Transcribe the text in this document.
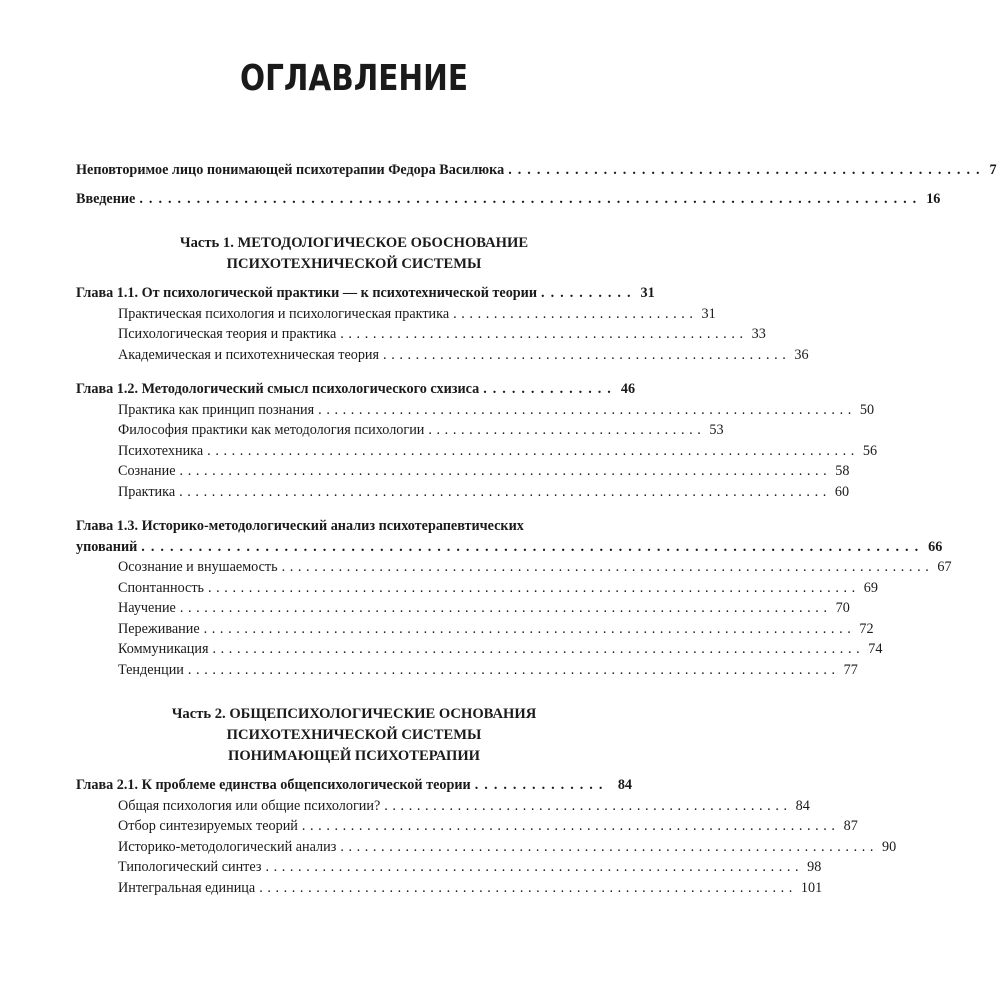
ОГЛАВЛЕНИЕ
Неповторимое лицо понимающей психотерапии Федора Василюка .................................................. 7
Введение .................................................................................. 16
Часть 1. МЕТОДОЛОГИЧЕСКОЕ ОБОСНОВАНИЕ
ПСИХОТЕХНИЧЕСКОЙ СИСТЕМЫ
Глава 1.1. От психологической практики — к психотехнической теории .......... 31
Практическая психология и психологическая практика .............................. 31
Психологическая теория и практика .................................................. 33
Академическая и психотехническая теория .................................................. 36
Глава 1.2. Методологический смысл психологического схизиса .............. 46
Практика как принцип познания .................................................................. 50
Философия практики как методология психологии .................................. 53
Психотехника ................................................................................ 56
Сознание ................................................................................ 58
Практика ................................................................................ 60
Глава 1.3. Историко-методологический анализ психотерапевтических
упований .................................................................................. 66
Осознание и внушаемость ................................................................................ 67
Спонтанность ................................................................................ 69
Научение ................................................................................ 70
Переживание ................................................................................ 72
Коммуникация ................................................................................ 74
Тенденции ................................................................................ 77
Часть 2. ОБЩЕПСИХОЛОГИЧЕСКИЕ ОСНОВАНИЯ
ПСИХОТЕХНИЧЕСКОЙ СИСТЕМЫ
ПОНИМАЮЩЕЙ ПСИХОТЕРАПИИ
Глава 2.1. К проблеме единства общепсихологической теории .............. 84
Общая психология или общие психологии? .................................................. 84
Отбор синтезируемых теорий .................................................................. 87
Историко-методологический анализ .................................................................. 90
Типологический синтез .................................................................. 98
Интегральная единица .................................................................. 101
